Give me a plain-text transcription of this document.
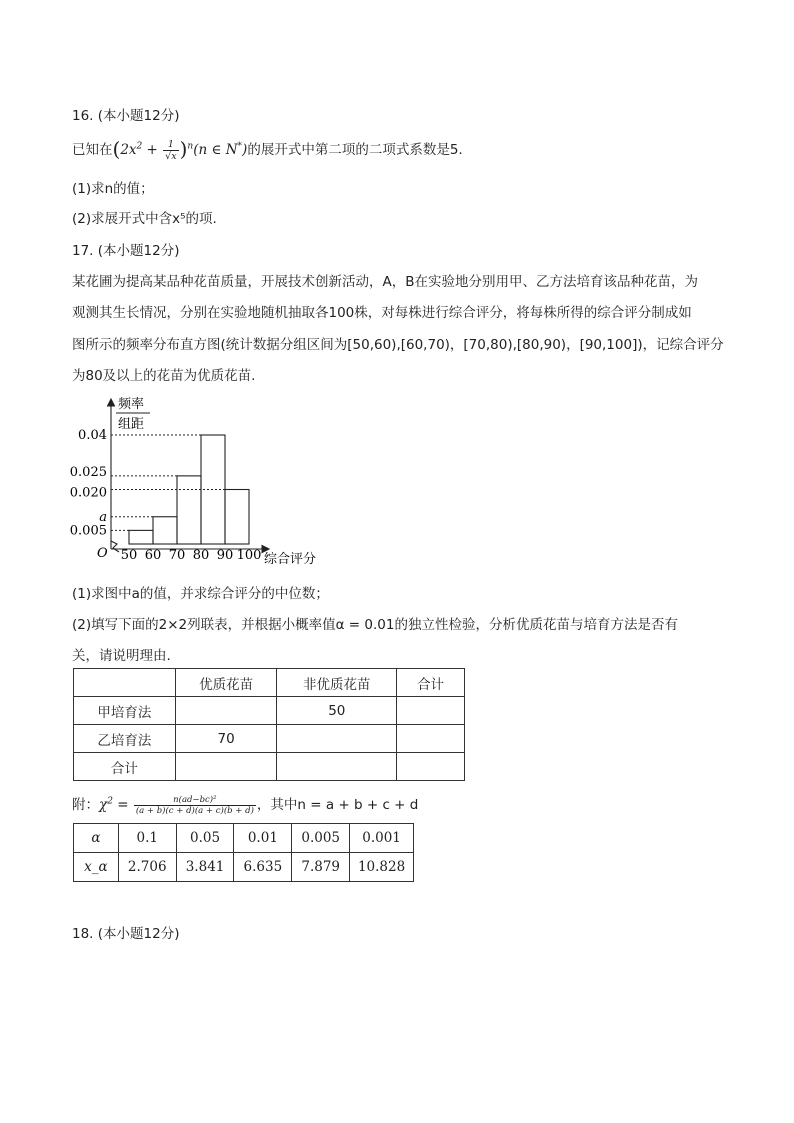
16. (本小题12分)
已知在$(2x^2 + \frac{1}{√x} )^n(n$ ∈ N*)的展开式中第二项的二项式系数是5.
(1)求n的值；
(2)求展开式中含x⁵的项.
17. (本小题12分)
某花圃为提高某品种花苗质量，开展技术创新活动，A，B在实验地分别用甲、乙方法培育该品种花苗，为
观测其生长情况，分别在实验地随机抽取各100株，对每株进行综合评分，将每株所得的综合评分制成如
图所示的频率分布直方图(统计数据分组区间为[50,60),[60,70)，[70,80),[80,90)，[90,100])，记综合评分
为80及以上的花苗为优质花苗.
0.005
a
0.020
0.025
0.04
50 60 70 80 90 100
频率
组距
O	综合评分
(1)求图中a的值，并求综合评分的中位数；
(2)填写下面的2×2列联表，并根据小概率值α = 0.01的独立性检验，分析优质花苗与培育方法是否有
关，请说明理由.
	优质花苗	非优质花苗	合计
甲培育法		50	
乙培育法	70		
合计			
附：$\chi^2 = \frac{\text{n(ad−bc)²}}{(a + b)(c + d)(a + c)(b + d)}$ ，其中n = a + b + c + d
α	0.1	0.05	0.01	0.005	0.001
x_α	2.706	3.841	6.635	7.879	10.828
18. (本小题12分)
